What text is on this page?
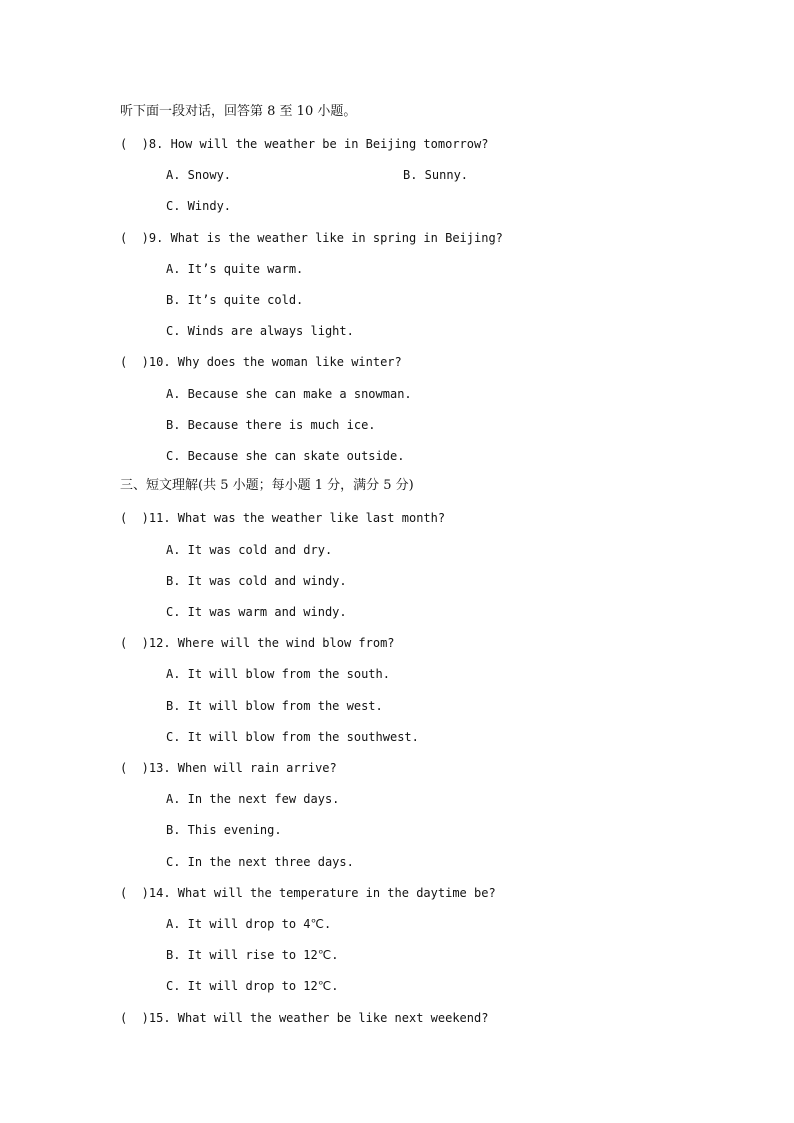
听下面一段对话，回答第 8 至 10 小题。
(  )8. How will the weather be in Beijing tomorrow?
A. Snowy.	B. Sunny.
C. Windy.
(  )9. What is the weather like in spring in Beijing?
A. It’s quite warm.
B. It’s quite cold.
C. Winds are always light.
(  )10. Why does the woman like winter?
A. Because she can make a snowman.
B. Because there is much ice.
C. Because she can skate outside.
三、短文理解(共 5 小题；每小题 1 分，满分 5 分)
(  )11. What was the weather like last month?
A. It was cold and dry.
B. It was cold and windy.
C. It was warm and windy.
(  )12. Where will the wind blow from?
A. It will blow from the south.
B. It will blow from the west.
C. It will blow from the southwest.
(  )13. When will rain arrive?
A. In the next few days.
B. This evening.
C. In the next three days.
(  )14. What will the temperature in the daytime be?
A. It will drop to 4℃.
B. It will rise to 12℃.
C. It will drop to 12℃.
(  )15. What will the weather be like next weekend?
